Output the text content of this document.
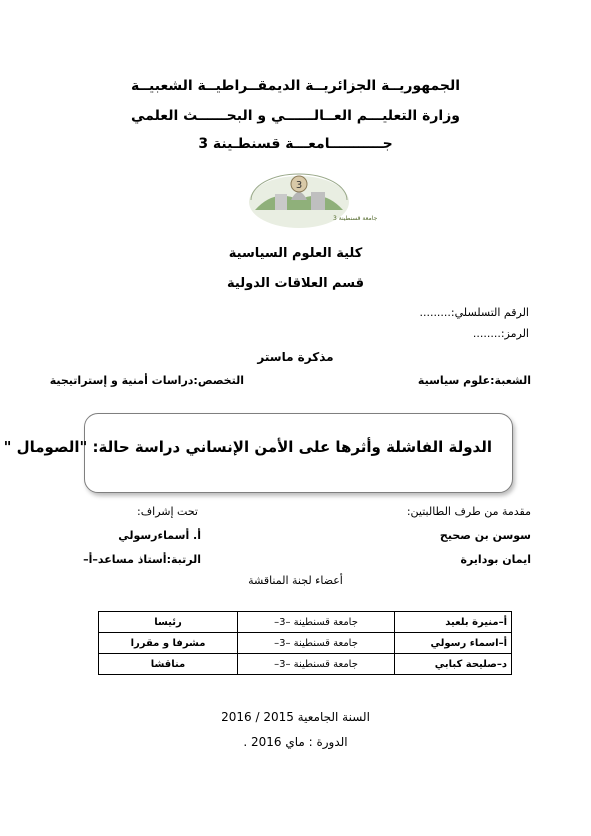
الجمهوريــة الجزائريــة الديمقــراطيــة الشعبيــة
وزارة التعليـــم العــالــــــي و البحــــــث العلمي
جـــــــــــامعـــة قسنطـينة 3
3
جامعة قسنطينة 3
كلية العلوم السياسية
قسم العلاقات الدولية
الرقم التسلسلي:.........
الرمز:........
مذكرة ماستر
الشعبة:علوم سياسية
التخصص:دراسات أمنية و إستراتيجية
الدولة الفاشلة وأثرها على الأمن الإنساني دراسة حالة: "الصومال "
مقدمة من طرف الطالبتين:
سوسن بن صحيح
ايمان بودايرة
تحت إشراف:
أ. أسماءرسولي
الرتبة:أستاذ مساعد–أ–
أعضاء لجنة المناقشة
أ–منيرة بلعيد	جامعة قسنطينة –3–	رئيسا
أ–اسماء رسولي	جامعة قسنطينة –3–	مشرفا و مقررا
د–صليحة كبابي	جامعة قسنطينة –3–	مناقشا
السنة الجامعية 2015 / 2016
الدورة : ماي 2016 .
